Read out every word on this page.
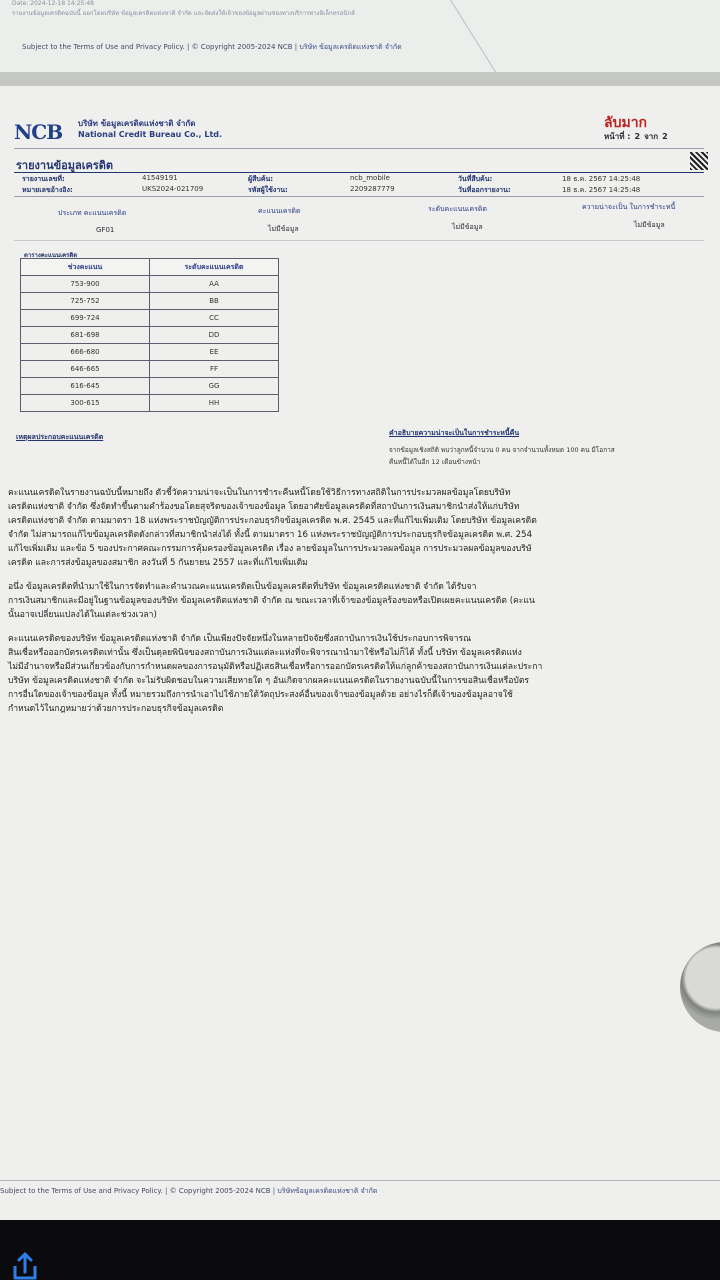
Date: 2024-12-18 14:25:48
รายงานข้อมูลเครดิตฉบับนี้ ออกโดยบริษัท ข้อมูลเครดิตแห่งชาติ จำกัด และจัดส่งให้เจ้าของข้อมูลผ่านช่องทางบริการทางอิเล็กทรอนิกส์
Subject to the Terms of Use and Privacy Policy. | © Copyright 2005-2024 NCB | บริษัท ข้อมูลเครดิตแห่งชาติ จำกัด
NCB บริษัท ข้อมูลเครดิตแห่งชาติ จำกัด
National Credit Bureau Co., Ltd.
ลับมาก
หน้าที่ : 2 จาก 2
รายงานข้อมูลเครดิต
รายงานเลขที่:	41549191
หมายเลขอ้างอิง:	UKS2024-021709
ผู้สืบค้น:	ncb_mobile
รหัสผู้ใช้งาน:	2209287779
วันที่สืบค้น:	18 ธ.ค. 2567 14:25:48
วันที่ออกรายงาน:	18 ธ.ค. 2567 14:25:48
ประเภท คะแนนเครดิต
GF01
คะแนนเครดิต
ไม่มีข้อมูล
ระดับคะแนนเครดิต
ไม่มีข้อมูล
ความน่าจะเป็น ในการชำระหนี้
ไม่มีข้อมูล
ตารางคะแนนเครดิต
ช่วงคะแนน	ระดับคะแนนเครดิต
753-900	AA
725-752	BB
699-724	CC
681-698	DD
666-680	EE
646-665	FF
616-645	GG
300-615	HH
เหตุผลประกอบคะแนนเครดิต	คำอธิบายความน่าจะเป็นในการชำระหนี้คืน
จากข้อมูลเชิงสถิติ พบว่าลูกหนี้จำนวน 0 คน จากจำนวนทั้งหมด 100 คน มีโอกาส
คืนหนี้ได้ในอีก 12 เดือนข้างหน้า
คะแนนเครดิตในรายงานฉบับนี้หมายถึง ตัวชี้วัดความน่าจะเป็นในการชำระคืนหนี้โดยใช้วิธีการทางสถิติในการประมวลผลข้อมูลโดยบริษัท
เครดิตแห่งชาติ จำกัด ซึ่งจัดทำขึ้นตามคำร้องขอโดยสุจริตของเจ้าของข้อมูล โดยอาศัยข้อมูลเครดิตที่สถาบันการเงินสมาชิกนำส่งให้แก่บริษัท
เครดิตแห่งชาติ จำกัด ตามมาตรา 18 แห่งพระราชบัญญัติการประกอบธุรกิจข้อมูลเครดิต พ.ศ. 2545 และที่แก้ไขเพิ่มเติม โดยบริษัท ข้อมูลเครดิต
จำกัด ไม่สามารถแก้ไขข้อมูลเครดิตดังกล่าวที่สมาชิกนำส่งได้ ทั้งนี้ ตามมาตรา 16 แห่งพระราชบัญญัติการประกอบธุรกิจข้อมูลเครดิต พ.ศ. 254
แก้ไขเพิ่มเติม และข้อ 5 ของประกาศคณะกรรมการคุ้มครองข้อมูลเครดิต เรื่อง ลายข้อมูลในการประมวลผลข้อมูล การประมวลผลข้อมูลของบริษั
เครดิต และการส่งข้อมูลของสมาชิก ลงวันที่ 5 กันยายน 2557 และที่แก้ไขเพิ่มเติม
อนึ่ง ข้อมูลเครดิตที่นำมาใช้ในการจัดทำและคำนวณคะแนนเครดิตเป็นข้อมูลเครดิตที่บริษัท ข้อมูลเครดิตแห่งชาติ จำกัด ได้รับจา
การเงินสมาชิกและมีอยู่ในฐานข้อมูลของบริษัท ข้อมูลเครดิตแห่งชาติ จำกัด ณ ขณะเวลาที่เจ้าของข้อมูลร้องขอหรือเปิดเผยคะแนนเครดิต (คะแน
นั้นอาจเปลี่ยนแปลงได้ในแต่ละช่วงเวลา)
คะแนนเครดิตของบริษัท ข้อมูลเครดิตแห่งชาติ จำกัด เป็นเพียงปัจจัยหนึ่งในหลายปัจจัยซึ่งสถาบันการเงินใช้ประกอบการพิจารณ
สินเชื่อหรือออกบัตรเครดิตเท่านั้น ซึ่งเป็นดุลยพินิจของสถาบันการเงินแต่ละแห่งที่จะพิจารณานำมาใช้หรือไม่ก็ได้ ทั้งนี้ บริษัท ข้อมูลเครดิตแห่ง
ไม่มีอำนาจหรือมีส่วนเกี่ยวข้องกับการกำหนดผลของการอนุมัติหรือปฏิเสธสินเชื่อหรือการออกบัตรเครดิตให้แก่ลูกค้าของสถาบันการเงินแต่ละประกา
บริษัท ข้อมูลเครดิตแห่งชาติ จำกัด จะไม่รับผิดชอบในความเสียหายใด ๆ อันเกิดจากผลคะแนนเครดิตในรายงานฉบับนี้ในการขอสินเชื่อหรือบัตร
การอื่นใดของเจ้าของข้อมูล ทั้งนี้ หมายรวมถึงการนำเอาไปใช้ภายใต้วัตถุประสงค์อื่นของเจ้าของข้อมูลด้วย อย่างไรก็ดีเจ้าของข้อมูลอาจใช้
กำหนดไว้ในกฎหมายว่าด้วยการประกอบธุรกิจข้อมูลเครดิต
Subject to the Terms of Use and Privacy Policy. | © Copyright 2005-2024 NCB | บริษัทข้อมูลเครดิตแห่งชาติ จำกัด
